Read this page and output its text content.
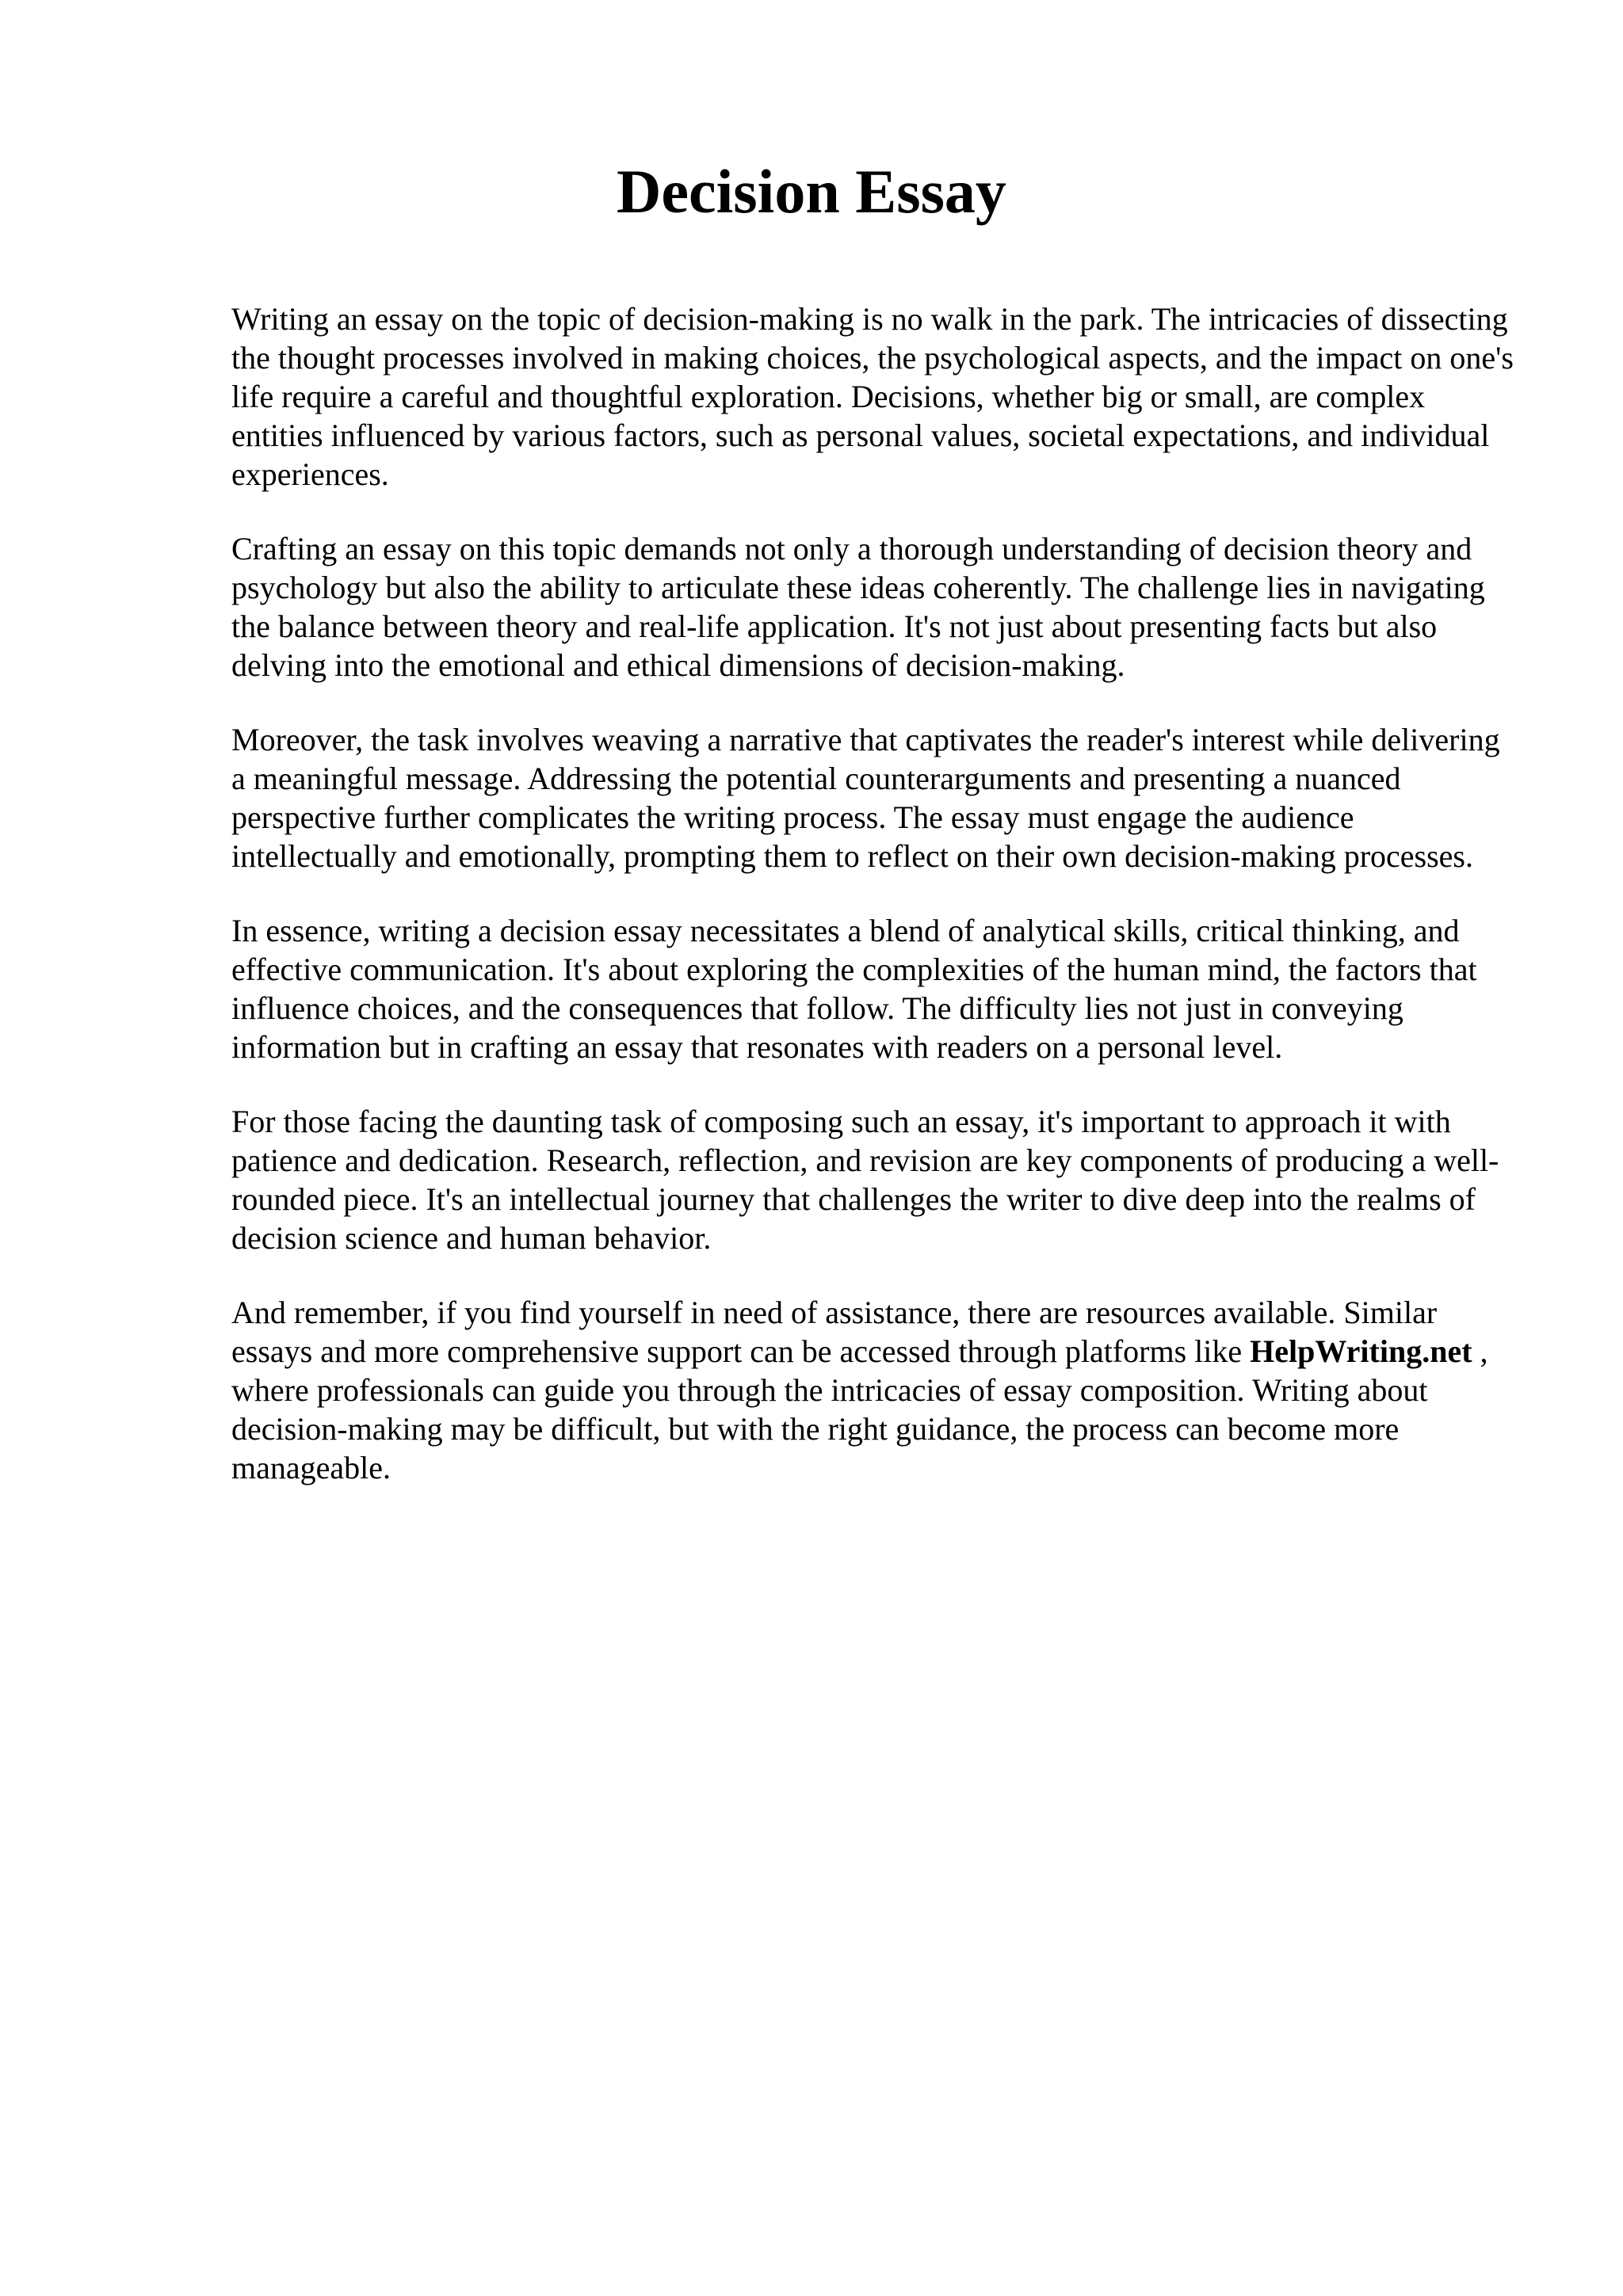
Decision Essay

Writing an essay on the topic of decision-making is no walk in the park. The intricacies of dissecting the thought processes involved in making choices, the psychological aspects, and the impact on one's life require a careful and thoughtful exploration. Decisions, whether big or small, are complex entities influenced by various factors, such as personal values, societal expectations, and individual experiences.

Crafting an essay on this topic demands not only a thorough understanding of decision theory and psychology but also the ability to articulate these ideas coherently. The challenge lies in navigating the balance between theory and real-life application. It's not just about presenting facts but also delving into the emotional and ethical dimensions of decision-making.

Moreover, the task involves weaving a narrative that captivates the reader's interest while delivering a meaningful message. Addressing the potential counterarguments and presenting a nuanced perspective further complicates the writing process. The essay must engage the audience intellectually and emotionally, prompting them to reflect on their own decision-making processes.

In essence, writing a decision essay necessitates a blend of analytical skills, critical thinking, and effective communication. It's about exploring the complexities of the human mind, the factors that influence choices, and the consequences that follow. The difficulty lies not just in conveying information but in crafting an essay that resonates with readers on a personal level.

For those facing the daunting task of composing such an essay, it's important to approach it with patience and dedication. Research, reflection, and revision are key components of producing a well-rounded piece. It's an intellectual journey that challenges the writer to dive deep into the realms of decision science and human behavior.

And remember, if you find yourself in need of assistance, there are resources available. Similar essays and more comprehensive support can be accessed through platforms like HelpWriting.net , where professionals can guide you through the intricacies of essay composition. Writing about decision-making may be difficult, but with the right guidance, the process can become more manageable.
